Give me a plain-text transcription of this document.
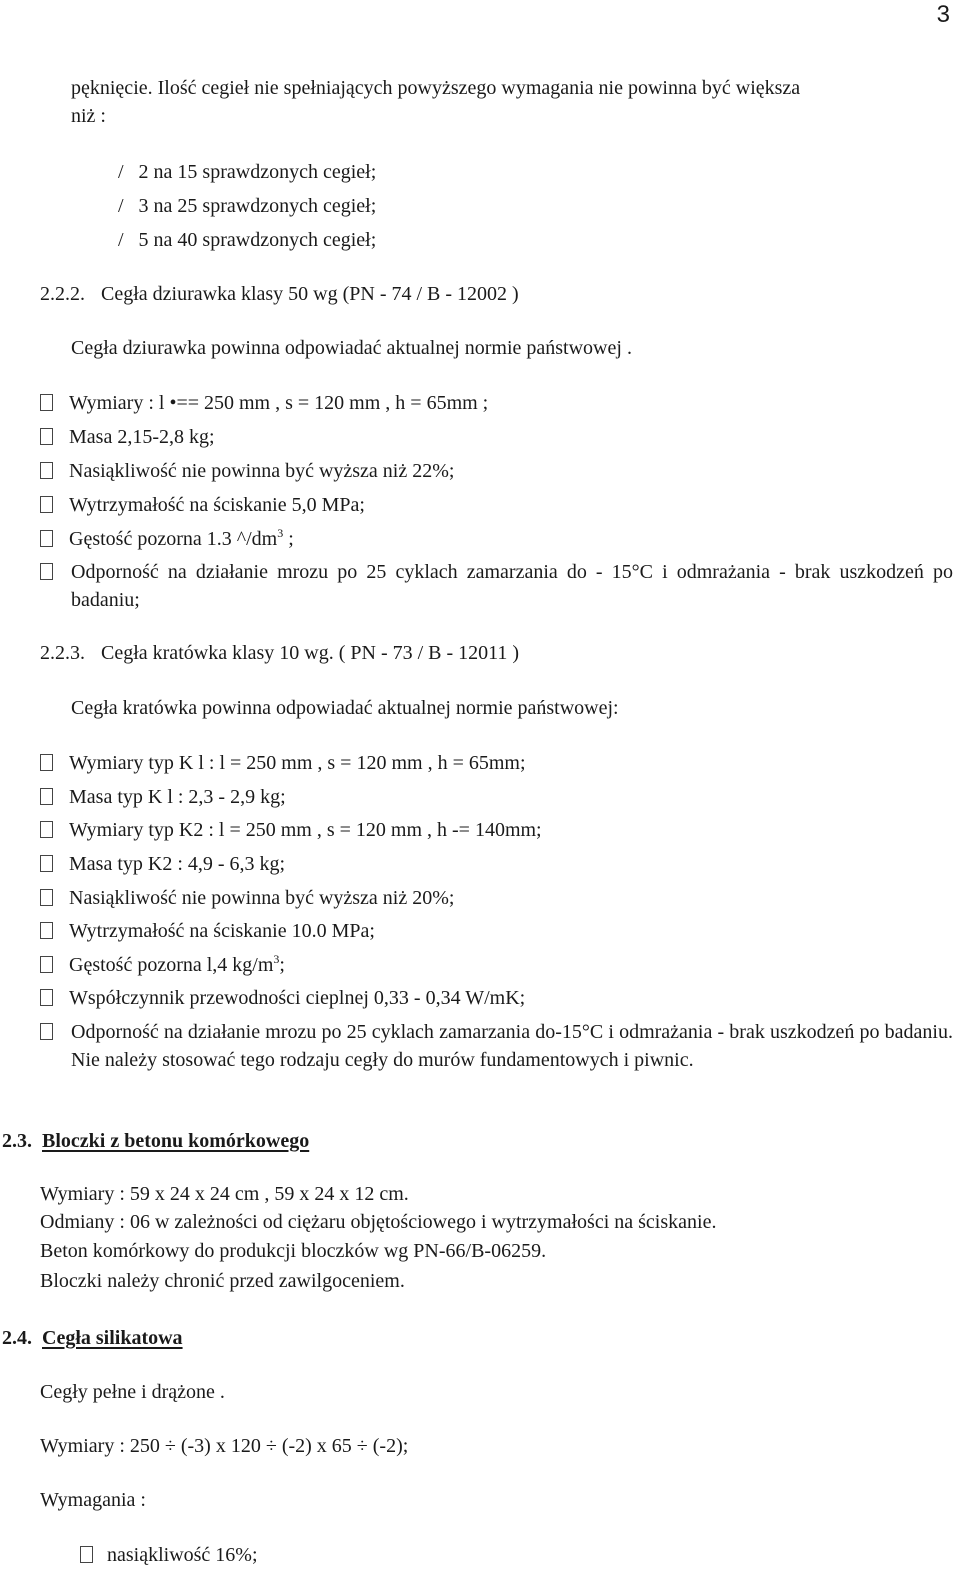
3
pęknięcie. Ilość cegieł nie spełniających powyższego wymagania nie powinna być większa
niż :
/   2 na 15 sprawdzonych cegieł;
/   3 na 25 sprawdzonych cegieł;
/   5 na 40 sprawdzonych cegieł;
2.2.2. Cegła dziurawka klasy 50 wg (PN - 74 / B - 12002 )
Cegła dziurawka powinna odpowiadać aktualnej normie państwowej .
Wymiary : l •== 250 mm , s = 120 mm , h = 65mm ;
Masa 2,15-2,8 kg;
Nasiąkliwość nie powinna być wyższa niż 22%;
Wytrzymałość na ściskanie 5,0 MPa;
Gęstość pozorna 1.3 $\^{}/dm^3$ ;
Odporność na działanie mrozu po 25 cyklach zamarzania do - 15°C i odmrażania - brak uszkodzeń po badaniu;
2.2.3. Cegła kratówka klasy 10 wg. ( PN - 73 / B - 12011 )
Cegła kratówka powinna odpowiadać aktualnej normie państwowej:
Wymiary typ K l : l = 250 mm , s = 120 mm , h = 65mm;
Masa typ K l : 2,3 - 2,9 kg;
Wymiary typ K2 : l = 250 mm , s = 120 mm , h -= 140mm;
Masa typ K2 : 4,9 - 6,3 kg;
Nasiąkliwość nie powinna być wyższa niż 20%;
Wytrzymałość na ściskanie 10.0 MPa;
Gęstość pozorna l,4 $kg/m^3$;
Współczynnik przewodności cieplnej 0,33 - 0,34 W/mK;
Odporność na działanie mrozu po 25 cyklach zamarzania do-15°C i odmrażania - brak uszkodzeń po badaniu. Nie należy stosować tego rodzaju cegły do murów fundamentowych i piwnic.
2.3. Bloczki z betonu komórkowego
Wymiary : 59 x 24 x 24 cm , 59 x 24 x 12 cm.
Odmiany : 06 w zależności od ciężaru objętościowego i wytrzymałości na ściskanie.
Beton komórkowy do produkcji bloczków wg PN-66/B-06259.
Bloczki należy chronić przed zawilgoceniem.
2.4. Cegła silikatowa
Cegły pełne i drążone .
Wymiary : 250 ÷ (-3) x 120 ÷ (-2) x 65 ÷ (-2);
Wymagania :
nasiąkliwość 16%;
